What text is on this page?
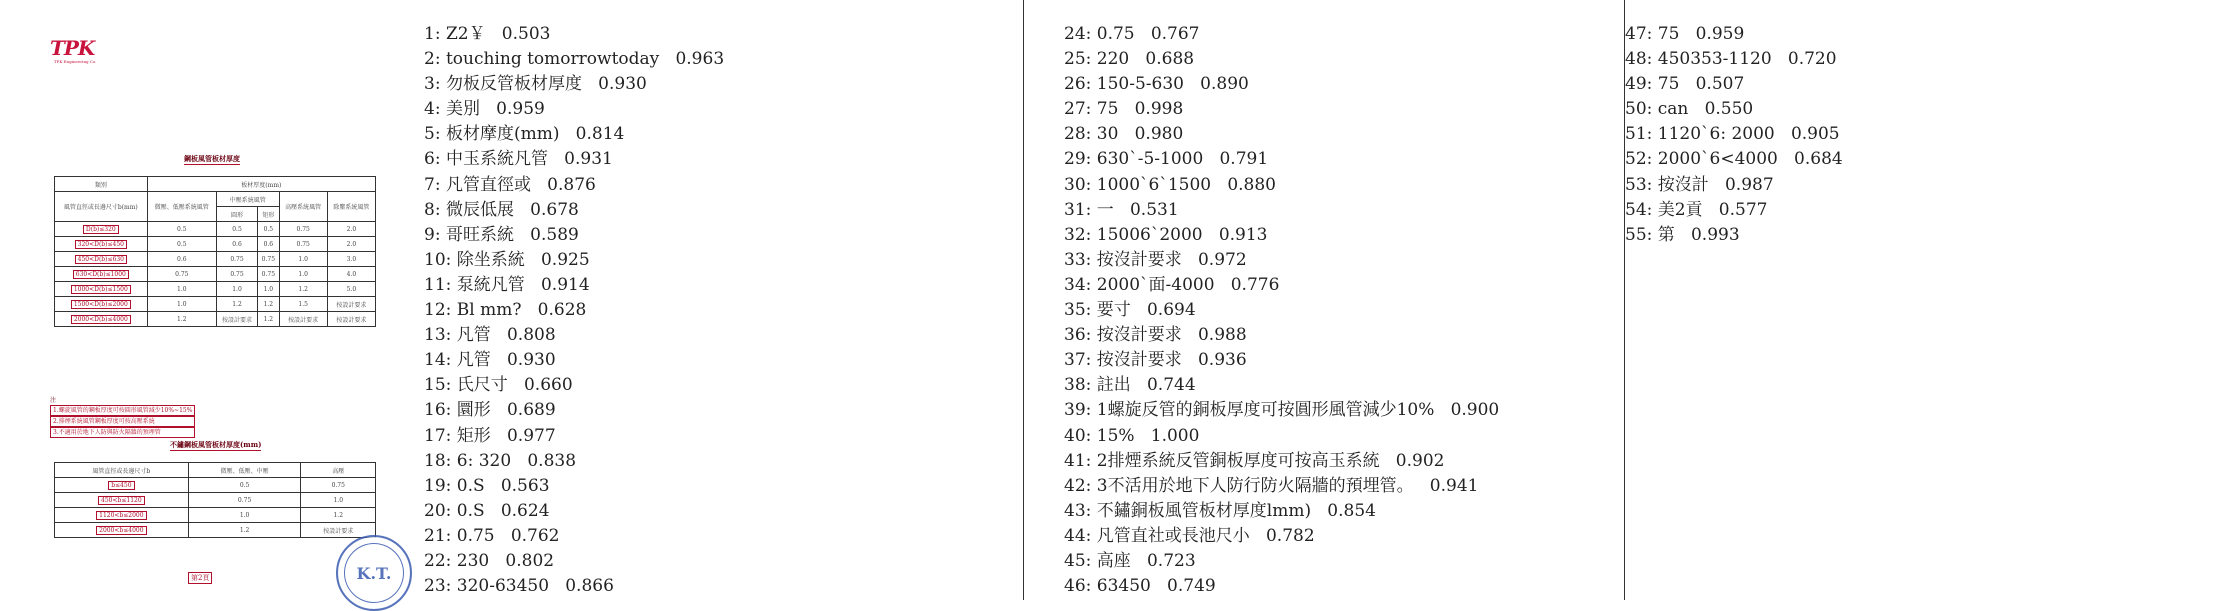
TPK
TPK Engineering Co.
鋼板風管板材厚度
類別	板材厚度(mm)				
風管直徑或長邊尺寸b(mm)	微壓、低壓系統風管	中壓系統風管		高壓系統風管	除塵系統風管
		圓形	矩形		
D(b)≤320	0.5	0.5	0.5	0.75	2.0
320<D(b)≤450	0.5	0.6	0.6	0.75	2.0
450<D(b)≤630	0.6	0.75	0.75	1.0	3.0
630<D(b)≤1000	0.75	0.75	0.75	1.0	4.0
1000<D(b)≤1500	1.0	1.0	1.0	1.2	5.0
1500<D(b)≤2000	1.0	1.2	1.2	1.5	按設計要求
2000<D(b)≤4000	1.2	按設計要求	1.2	按設計要求	按設計要求
注
1.螺旋風管的鋼板厚度可按圓形風管減少10%~15%
2.排煙系統風管鋼板厚度可按高壓系統
3.不適用於地下人防與防火隔牆的預埋管
不鏽鋼板風管板材厚度(mm)
風管直徑或長邊尺寸b	微壓、低壓、中壓	高壓
b≤450	0.5	0.75
450<b≤1120	0.75	1.0
1120<b≤2000	1.0	1.2
2000<b≤4000	1.2	按設計要求
第2頁	K.T.
1: Z2￥   0.503
2: touching tomorrowtoday   0.963
3: 勿板反管板材厚度   0.930
4: 美別   0.959
5: 板材摩度(mm)   0.814
6: 中玉系統凡管   0.931
7: 凡管直徑或   0.876
8: 微辰低展   0.678
9: 哥旺系統   0.589
10: 除坐系統   0.925
11: 泵統凡管   0.914
12: Bl mm?   0.628
13: 凡管   0.808
14: 凡管   0.930
15: 氏尺寸   0.660
16: 圜形   0.689
17: 矩形   0.977
18: 6: 320   0.838
19: 0.S   0.563
20: 0.S   0.624
21: 0.75   0.762
22: 230   0.802
23: 320-63450   0.866
24: 0.75   0.767
25: 220   0.688
26: 150-5-630   0.890
27: 75   0.998
28: 30   0.980
29: 630`-5-1000   0.791
30: 1000`6`1500   0.880
31: 一   0.531
32: 15006`2000   0.913
33: 按沒計要求   0.972
34: 2000`面-4000   0.776
35: 要寸   0.694
36: 按沒計要求   0.988
37: 按沒計要求   0.936
38: 註出   0.744
39: 1螺旋反管的銅板厚度可按圓形風管減少10%   0.900
40: 15%   1.000
41: 2排煙系統反管銅板厚度可按高玉系統   0.902
42: 3不活用於地下人防行防火隔牆的預埋管。   0.941
43: 不鏽銅板風管板材厚度lmm)   0.854
44: 凡管直社或長池尺小   0.782
45: 高座   0.723
46: 63450   0.749
47: 75   0.959
48: 450353-1120   0.720
49: 75   0.507
50: can   0.550
51: 1120`6: 2000   0.905
52: 2000`6<4000   0.684
53: 按沒計   0.987
54: 美2貢   0.577
55: 第   0.993
